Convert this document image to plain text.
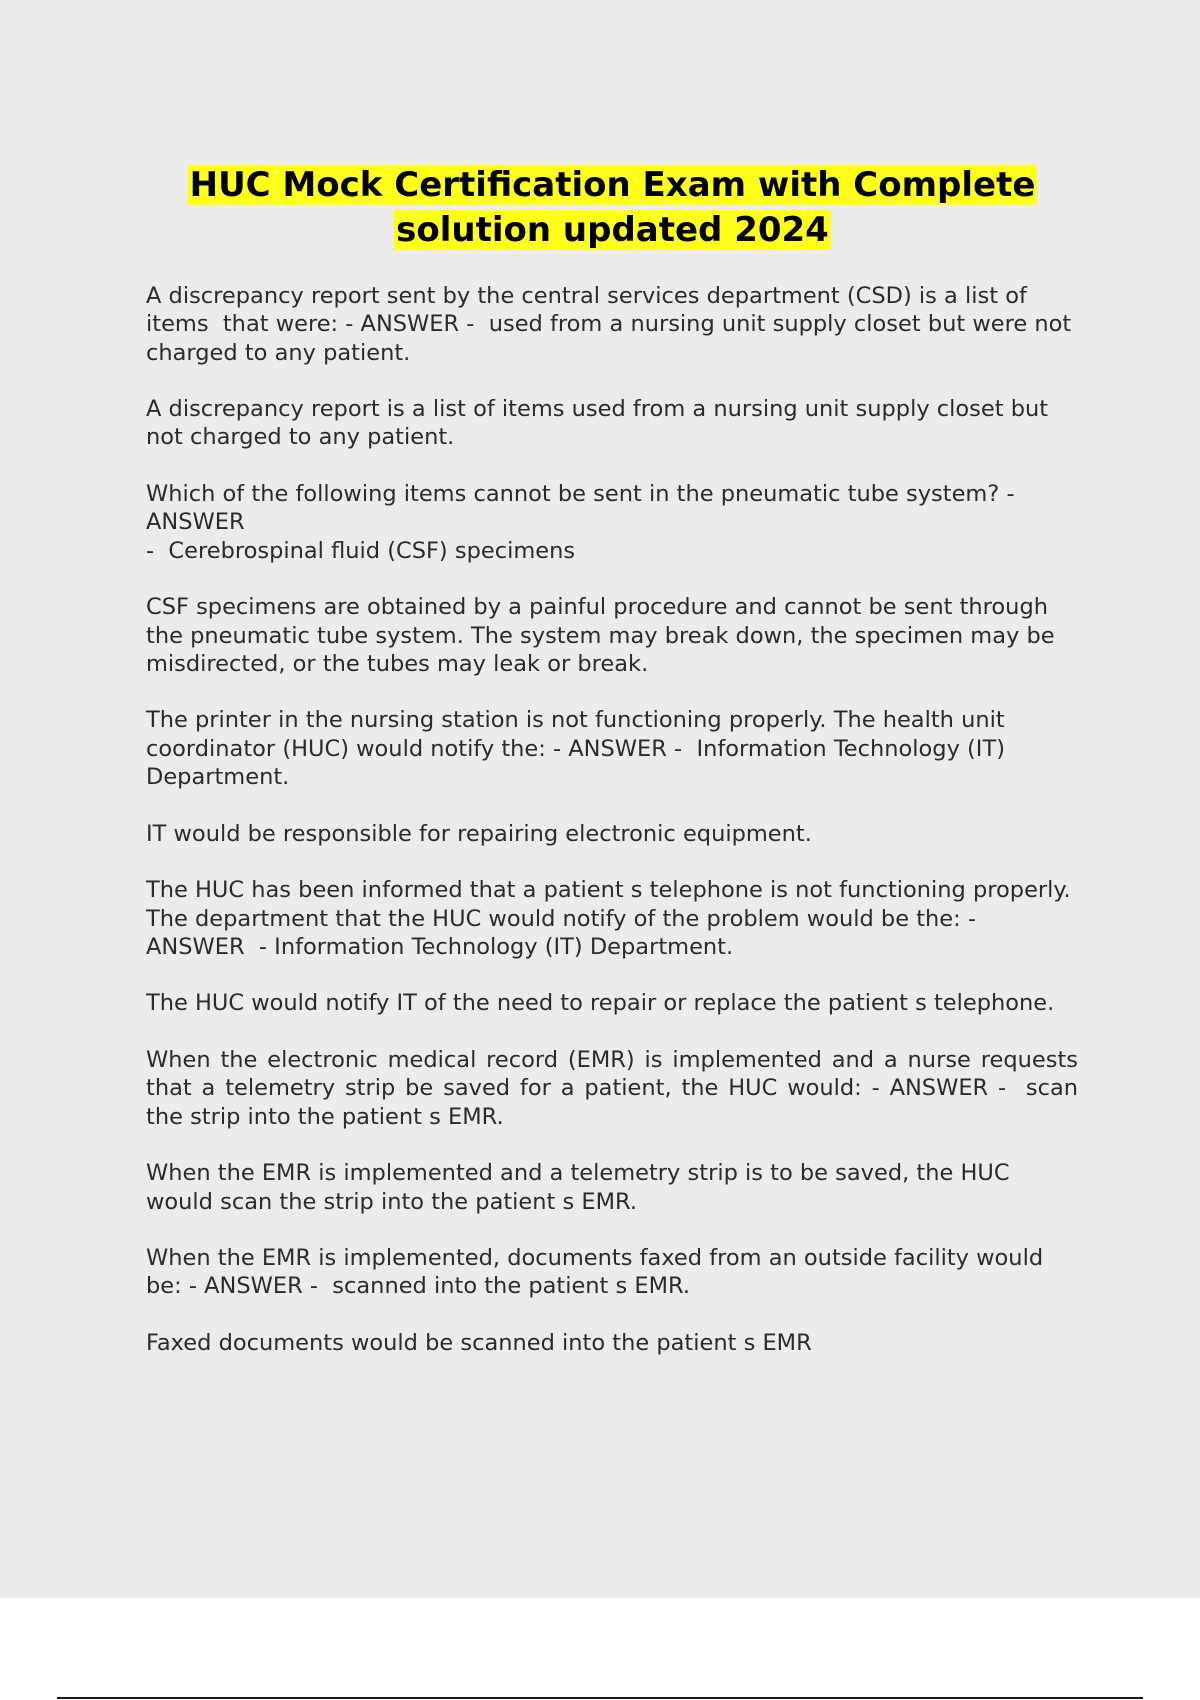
HUC Mock Certification Exam with Complete
solution updated 2024

A discrepancy report sent by the central services department (CSD) is a list of items  that were: - ANSWER -  used from a nursing unit supply closet but were not charged to any patient.

A discrepancy report is a list of items used from a nursing unit supply closet but not charged to any patient.

Which of the following items cannot be sent in the pneumatic tube system? - ANSWER
-  Cerebrospinal fluid (CSF) specimens

CSF specimens are obtained by a painful procedure and cannot be sent through the pneumatic tube system. The system may break down, the specimen may be misdirected, or the tubes may leak or break.

The printer in the nursing station is not functioning properly. The health unit coordinator (HUC) would notify the: - ANSWER -  Information Technology (IT) Department.

IT would be responsible for repairing electronic equipment.

The HUC has been informed that a patient s telephone is not functioning properly. The department that the HUC would notify of the problem would be the: - ANSWER  - Information Technology (IT) Department.

The HUC would notify IT of the need to repair or replace the patient s telephone.

When the electronic medical record (EMR) is implemented and a nurse requests that a telemetry strip be saved for a patient, the HUC would: - ANSWER -  scan the strip into the patient s EMR.

When the EMR is implemented and a telemetry strip is to be saved, the HUC would scan the strip into the patient s EMR.

When the EMR is implemented, documents faxed from an outside facility would be: - ANSWER -  scanned into the patient s EMR.

Faxed documents would be scanned into the patient s EMR
